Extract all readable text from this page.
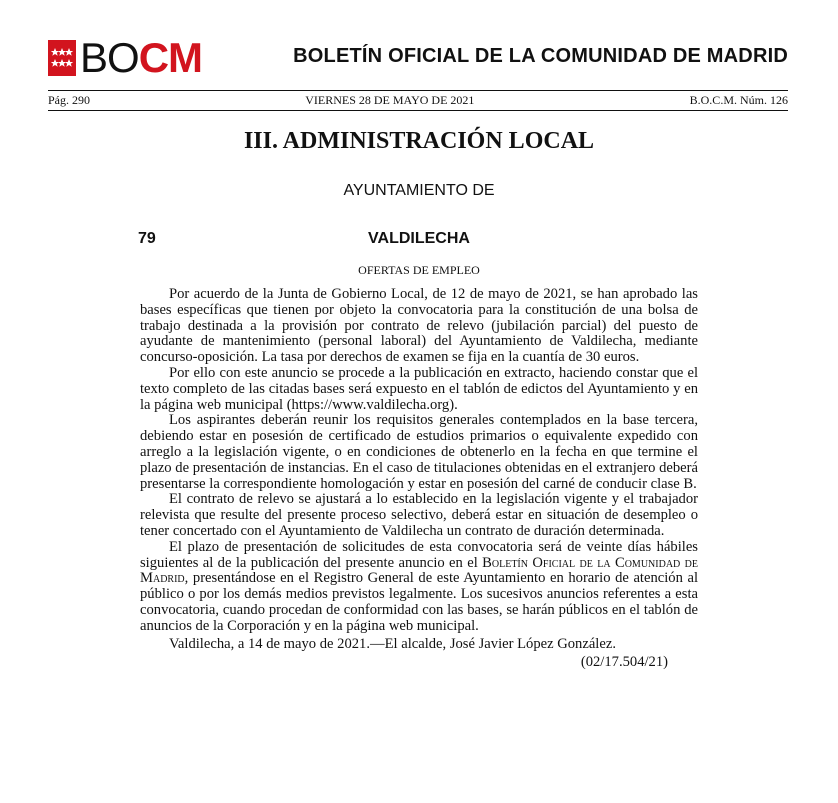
BOCM	BOLETÍN OFICIAL DE LA COMUNIDAD DE MADRID
Pág. 290	VIERNES 28 DE MAYO DE 2021	B.O.C.M. Núm. 126
III. ADMINISTRACIÓN LOCAL
AYUNTAMIENTO DE
79	VALDILECHA
OFERTAS DE EMPLEO

Por acuerdo de la Junta de Gobierno Local, de 12 de mayo de 2021, se han aprobado las bases específicas que tienen por objeto la convocatoria para la constitución de una bolsa de trabajo destinada a la provisión por contrato de relevo (jubilación parcial) del puesto de ayudante de mantenimiento (personal laboral) del Ayuntamiento de Valdilecha, mediante concurso-oposición. La tasa por derechos de examen se fija en la cuantía de 30 euros.

Por ello con este anuncio se procede a la publicación en extracto, haciendo constar que el texto completo de las citadas bases será expuesto en el tablón de edictos del Ayuntamiento y en la página web municipal (https://www.valdilecha.org).

Los aspirantes deberán reunir los requisitos generales contemplados en la base tercera, debiendo estar en posesión de certificado de estudios primarios o equivalente expedido con arreglo a la legislación vigente, o en condiciones de obtenerlo en la fecha en que termine el plazo de presentación de instancias. En el caso de titulaciones obtenidas en el extranjero deberá presentarse la correspondiente homologación y estar en posesión del carné de conducir clase B.

El contrato de relevo se ajustará a lo establecido en la legislación vigente y el trabajador relevista que resulte del presente proceso selectivo, deberá estar en situación de desempleo o tener concertado con el Ayuntamiento de Valdilecha un contrato de duración determinada.

El plazo de presentación de solicitudes de esta convocatoria será de veinte días hábiles siguientes al de la publicación del presente anuncio en el Boletín Oficial de la Comunidad de Madrid, presentándose en el Registro General de este Ayuntamiento en horario de atención al público o por los demás medios previstos legalmente. Los sucesivos anuncios referentes a esta convocatoria, cuando procedan de conformidad con las bases, se harán públicos en el tablón de anuncios de la Corporación y en la página web municipal.

Valdilecha, a 14 de mayo de 2021.—El alcalde, José Javier López González.

(02/17.504/21)
